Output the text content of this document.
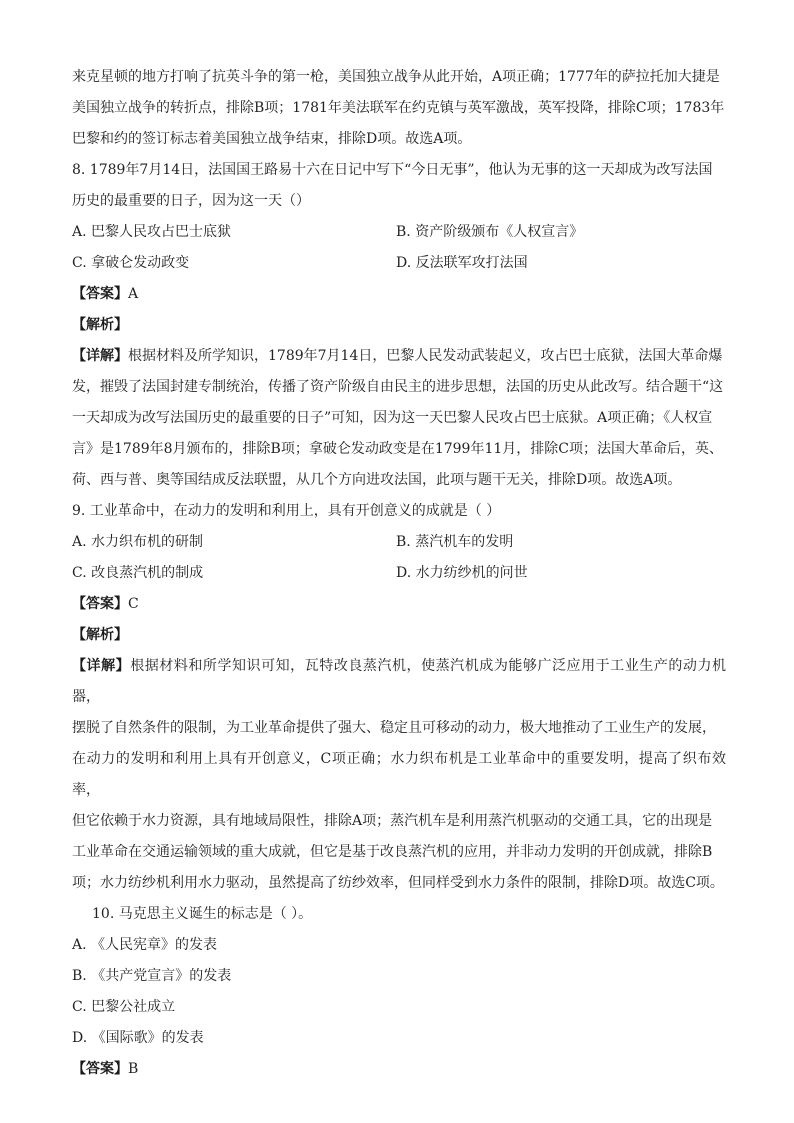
来克星顿的地方打响了抗英斗争的第一枪，美国独立战争从此开始，A项正确；1777年的萨拉托加大捷是

美国独立战争的转折点，排除B项；1781年美法联军在约克镇与英军激战，英军投降，排除C项；1783年

巴黎和约的签订标志着美国独立战争结束，排除D项。故选A项。

8. 1789年7月14日，法国国王路易十六在日记中写下“今日无事”，他认为无事的这一天却成为改写法国

历史的最重要的日子，因为这一天（）

A. 巴黎人民攻占巴士底狱	B. 资产阶级颁布《人权宣言》
C. 拿破仑发动政变	D. 反法联军攻打法国

【答案】A

【解析】

【详解】根据材料及所学知识，1789年7月14日，巴黎人民发动武装起义，攻占巴士底狱，法国大革命爆

发，摧毁了法国封建专制统治，传播了资产阶级自由民主的进步思想，法国的历史从此改写。结合题干“这

一天却成为改写法国历史的最重要的日子”可知，因为这一天巴黎人民攻占巴士底狱。A项正确；《人权宣

言》是1789年8月颁布的，排除B项；拿破仑发动政变是在1799年11月，排除C项；法国大革命后，英、

荷、西与普、奥等国结成反法联盟，从几个方向进攻法国，此项与题干无关，排除D项。故选A项。

9. 工业革命中，在动力的发明和利用上，具有开创意义的成就是（ ）

A. 水力织布机的研制	B. 蒸汽机车的发明
C. 改良蒸汽机的制成	D. 水力纺纱机的问世

【答案】C

【解析】

【详解】根据材料和所学知识可知，瓦特改良蒸汽机，使蒸汽机成为能够广泛应用于工业生产的动力机器，

摆脱了自然条件的限制，为工业革命提供了强大、稳定且可移动的动力，极大地推动了工业生产的发展，

在动力的发明和利用上具有开创意义，C项正确；水力织布机是工业革命中的重要发明，提高了织布效率，

但它依赖于水力资源，具有地域局限性，排除A项；蒸汽机车是利用蒸汽机驱动的交通工具，它的出现是

工业革命在交通运输领域的重大成就，但它是基于改良蒸汽机的应用，并非动力发明的开创成就，排除B

项；水力纺纱机利用水力驱动，虽然提高了纺纱效率，但同样受到水力条件的限制，排除D项。故选C项。

10. 马克思主义诞生的标志是（ ）。

A. 《人民宪章》的发表

B. 《共产党宣言》的发表

C. 巴黎公社成立

D. 《国际歌》的发表

【答案】B
